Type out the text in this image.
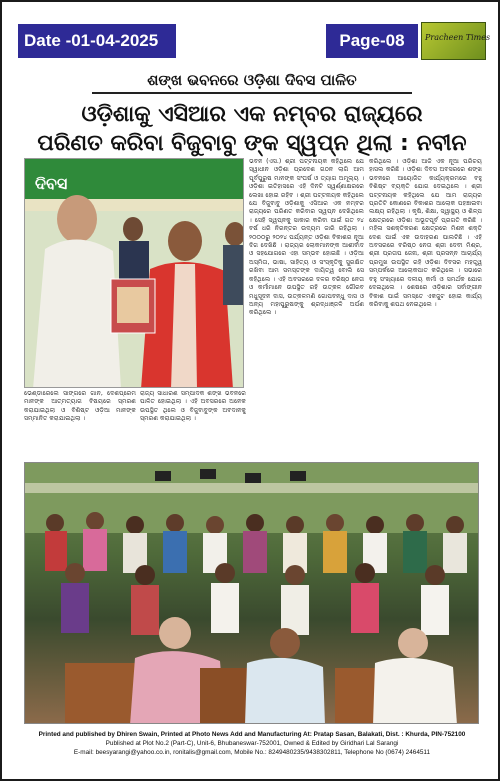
Date -01-04-2025	Page-08	Pracheen Times
ଶଙ୍ଖ ଭବନରେ ଓଡ଼ିଶା ଦିବସ ପାଳିତ
ଓଡ଼ିଶାକୁ ଏସିଆର ଏକ ନମ୍ବର ରାଜ୍ୟରେ
ପରିଣତ କରିବା ବିଜୁବାବୁ ଙ୍କ ସ୍ୱପ୍ନ ଥିଲା : ନବୀନ
ଦିବସ
ଭବନ (ଏସ.) ଶ୍ରୀ ପଟ୍ଟନାୟକ କହିଥିଲେ ଯେ ସ୍ୱାଧୀନ ଓଡ଼ିଶା ପ୍ରଦେଶ ଗଠନ ଲାଗି ଆମ ପୂର୍ବପୁରୁଷ ମାନଙ୍କ ସଂଘର୍ଷ ଓ ତ୍ୟାଗ ଅମୂଲ୍ୟ । ଓଡ଼ିଶା ଇତିହାସରେ ଏହି ଦିନଟି ସ୍ୱର୍ଣ୍ଣାକ୍ଷରରେ ଲେଖା ହୋଇ ରହିବ । ଶ୍ରୀ ପଟ୍ଟନାୟକ କହିଥିଲେ ଯେ ବିଜୁବାବୁ ଓଡ଼ିଶାକୁ ଏସିଆର ଏକ ନମ୍ବର ରାଜ୍ୟରେ ପରିଣତ କରିବାର ସ୍ୱପ୍ନ ଦେଖିଥିଲେ । ସେହି ସ୍ୱପ୍ନକୁ ସାକାର କରିବା ପାଇଁ ଗତ ୨୪ ବର୍ଷ ଧରି ନିରନ୍ତର ଉଦ୍ୟମ ଜାରି ରହିଥିଲା । ୨୦୦୦ରୁ ୨୦୨୪ ପର୍ଯ୍ୟନ୍ତ ଓଡ଼ିଶା ବିକାଶର ନୂଆ ଦିଗ ଦେଖିଛି । ରାଜ୍ୟର ଲୋକମାନଙ୍କ ଆଶୀର୍ବାଦ ଓ ସହଯୋଗରେ ଏହା ସମ୍ଭବ ହୋଇଛି । ଓଡ଼ିଆ ଅସ୍ମିତା, ଭାଷା, ସାହିତ୍ୟ ଓ ସଂସ୍କୃତିକୁ ସୁରକ୍ଷିତ ରଖିବା ଆମ ସମସ୍ତଙ୍କ ଦାୟିତ୍ୱ ବୋଲି ସେ କହିଥିଲେ । ଏହି ଅବସରରେ ଦଳର ବରିଷ୍ଠ ନେତା ଓ କର୍ମୀମାନେ ଉପସ୍ଥିତ ରହି ଉତ୍କଳ ଗୌରବ ମଧୁସୂଦନ ଦାସ, ଉତ୍କଳମଣି ଗୋପବନ୍ଧୁ ଦାସ ଓ ଅନ୍ୟ ମହାପୁରୁଷଙ୍କୁ ଶ୍ରଦ୍ଧାଞ୍ଜଳି ଅର୍ପଣ କରିଥିଲେ ।
କରିଥିଲେ । ଓଡ଼ିଶା ଆଜି ଏକ ନୂଆ ପରିଚୟ ହାସଲ କରିଛି । ଓଡ଼ିଶା ଦିବସ ଅବସରରେ ଶଙ୍ଖ ଭବନରେ ଆୟୋଜିତ କାର୍ଯ୍ୟକ୍ରମରେ ବହୁ ବିଶିଷ୍ଟ ବ୍ୟକ୍ତି ଯୋଗ ଦେଇଥିଲେ । ଶ୍ରୀ ପଟ୍ଟନାୟକ କହିଥିଲେ ଯେ ଆମ ରାଜ୍ୟର ପ୍ରତିଟି କୋଣରେ ବିକାଶର ଆଲୋକ ପହଞ୍ଚାଇବା ଲକ୍ଷ୍ୟ ରହିଥିଲା । କୃଷି, ଶିକ୍ଷା, ସ୍ୱାସ୍ଥ୍ୟ ଓ ଶିଳ୍ପ କ୍ଷେତ୍ରରେ ଓଡ଼ିଶା ଅଭୂତପୂର୍ବ ପ୍ରଗତି କରିଛି । ମହିଳା ସଶକ୍ତିକରଣ କ୍ଷେତ୍ରରେ ମିଶନ ଶକ୍ତି ଦେଶ ପାଇଁ ଏକ ଉଦାହରଣ ପାଲଟିଛି । ଏହି ଅବସରରେ ବରିଷ୍ଠ ନେତା ଶ୍ରୀ ଦେବୀ ମିଶ୍ର, ଶ୍ରୀ ପ୍ରତାପ ଜେନା, ଶ୍ରୀ ପ୍ରସନ୍ନ ଆଚାର୍ଯ୍ୟ ପ୍ରମୁଖ ଉପସ୍ଥିତ ରହି ଓଡ଼ିଶା ଦିବସର ମହତ୍ତ୍ୱ ସମ୍ପର୍କରେ ଆଲୋକପାତ କରିଥିଲେ । ସଭାରେ ବହୁ ସଂଖ୍ୟାରେ ଦଳୀୟ କର୍ମୀ ଓ ସମର୍ଥକ ଯୋଗ ଦେଇଥିଲେ । ଶେଷରେ ଓଡ଼ିଶାର ସର୍ବାଙ୍ଗୀନ ବିକାଶ ପାଇଁ ସମସ୍ତେ ଏକଜୁଟ ହୋଇ କାର୍ଯ୍ୟ କରିବାକୁ ଶପଥ ନେଇଥିଲେ ।
ଭେଣ୍ଡାରେଲେ ସାଙ୍ଗରେ ଗାନ, ଦେଶପ୍ରେମ ମାନଙ୍କ ଆତ୍ମତ୍ୟାଗ ବିଷୟରେ ସ୍ମରଣ କରାଯାଇଥିଲା ଓ ବିଶିଷ୍ଟ ଓଡ଼ିଆ ମାନଙ୍କ ସମ୍ମାନିତ କରାଯାଇଥିଲା ।
ରାଜ୍ୟ ସାଧାରଣ ସମ୍ପାଦକ ଶଙ୍ଖ ଭବନରେ ପାଳିତ ହୋଇଥିଲା । ଏହି ଅବସରରେ ଅନେକ ଉପସ୍ଥିତ ଥିଲେ ଓ ବିଜୁବାବୁଙ୍କ ଅବଦାନକୁ ସ୍ମରଣ କରାଯାଇଥିଲା ।
Printed and published by Dhiren Swain, Printed at Photo News Add and Manufacturing At: Pratap Sasan, Balakati, Dist. : Khurda, PIN-752100
Published at Plot No.2 (Part-C), Unit-6, Bhubaneswar-752001, Owned & Edited by Giridhari Lal Sarangi
E-mail: beesyarangi@yahoo.co.in, ronitalis@gmail.com, Mobile No.: 8249480235/9438302811, Telephone No (0674) 2464511
